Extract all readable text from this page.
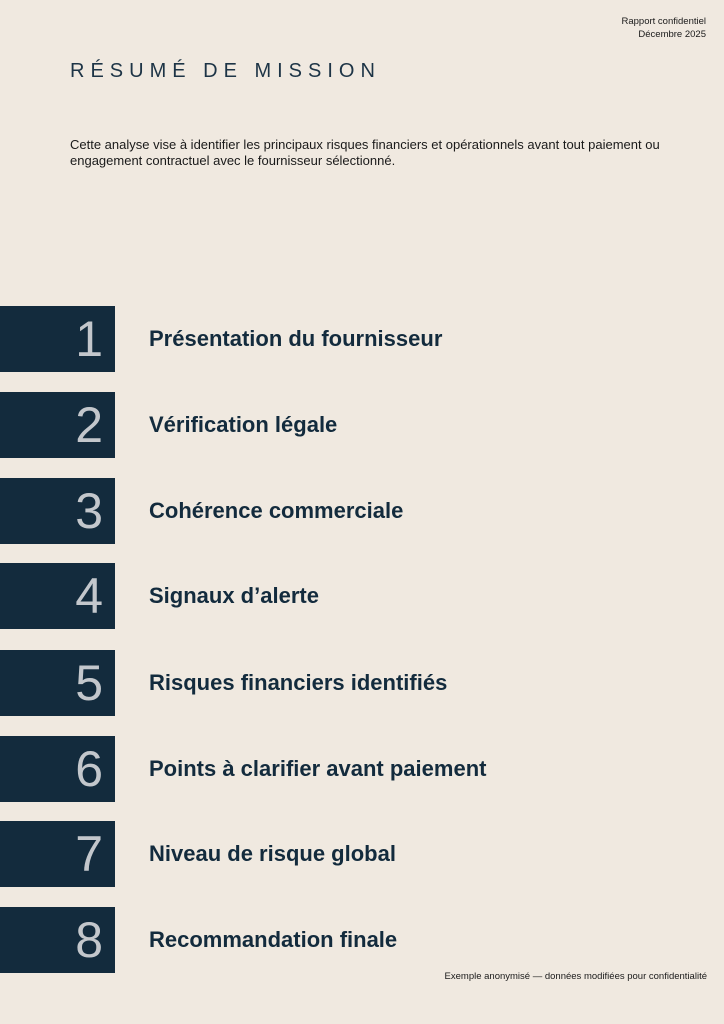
Rapport confidentiel
Décembre 2025
RÉSUMÉ DE MISSION

Cette analyse vise à identifier les principaux risques financiers et opérationnels avant tout paiement ou engagement contractuel avec le fournisseur sélectionné.

1 Présentation du fournisseur
2 Vérification légale
3 Cohérence commerciale
4 Signaux d’alerte
5 Risques financiers identifiés
6 Points à clarifier avant paiement
7 Niveau de risque global
8 Recommandation finale
Exemple anonymisé — données modifiées pour confidentialité
